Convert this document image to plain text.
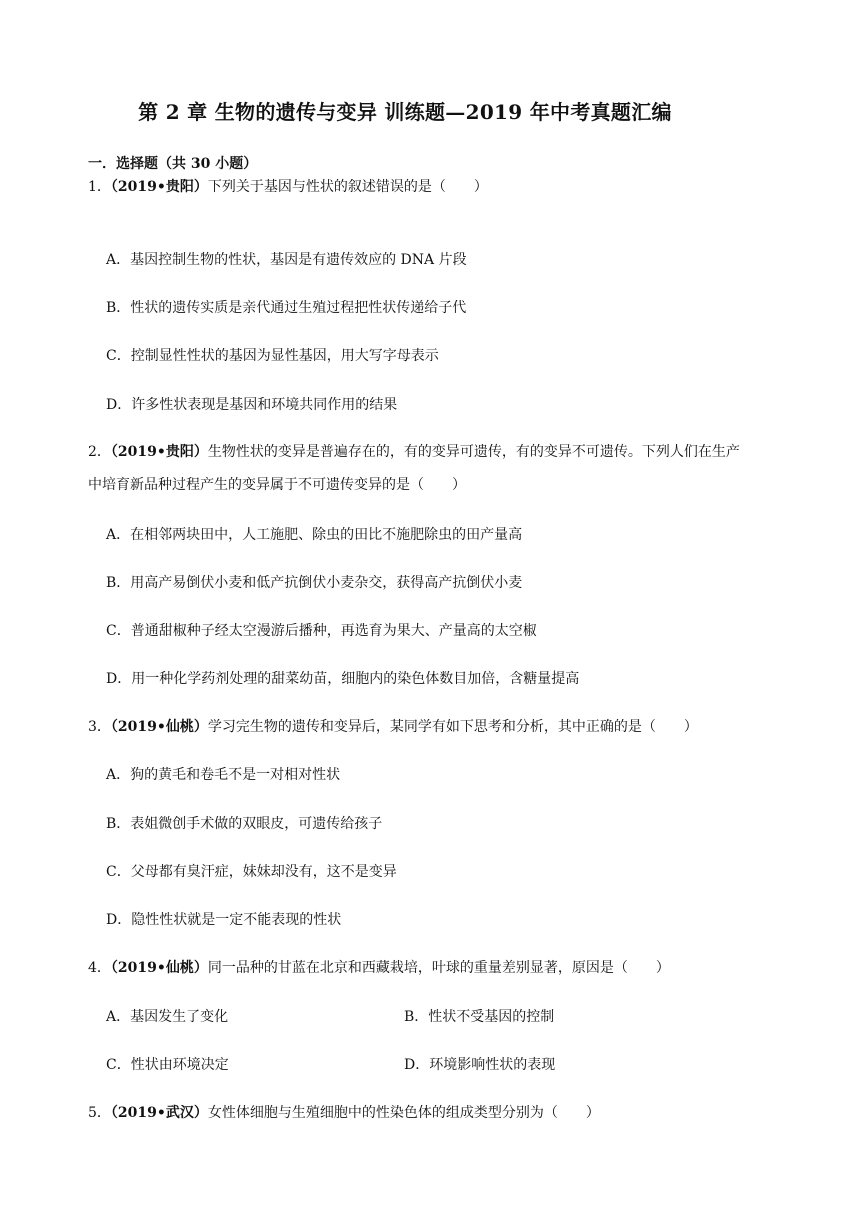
第 2 章 生物的遗传与变异 训练题—2019 年中考真题汇编
一．选择题（共 30 小题）
1．（2019•贵阳）下列关于基因与性状的叙述错误的是（　　）
A．基因控制生物的性状，基因是有遗传效应的 DNA 片段
B．性状的遗传实质是亲代通过生殖过程把性状传递给子代
C．控制显性性状的基因为显性基因，用大写字母表示
D．许多性状表现是基因和环境共同作用的结果
2．（2019•贵阳）生物性状的变异是普遍存在的，有的变异可遗传，有的变异不可遗传。下列人们在生产
中培育新品种过程产生的变异属于不可遗传变异的是（　　）
A．在相邻两块田中，人工施肥、除虫的田比不施肥除虫的田产量高
B．用高产易倒伏小麦和低产抗倒伏小麦杂交，获得高产抗倒伏小麦
C．普通甜椒种子经太空漫游后播种，再选育为果大、产量高的太空椒
D．用一种化学药剂处理的甜菜幼苗，细胞内的染色体数目加倍，含糖量提高
3．（2019•仙桃）学习完生物的遗传和变异后，某同学有如下思考和分析，其中正确的是（　　）
A．狗的黄毛和卷毛不是一对相对性状
B．表姐微创手术做的双眼皮，可遗传给孩子
C．父母都有臭汗症，妹妹却没有，这不是变异
D．隐性性状就是一定不能表现的性状
4．（2019•仙桃）同一品种的甘蓝在北京和西藏栽培，叶球的重量差别显著，原因是（　　）
A．基因发生了变化	B．性状不受基因的控制
C．性状由环境决定	D．环境影响性状的表现
5．（2019•武汉）女性体细胞与生殖细胞中的性染色体的组成类型分别为（　　）
